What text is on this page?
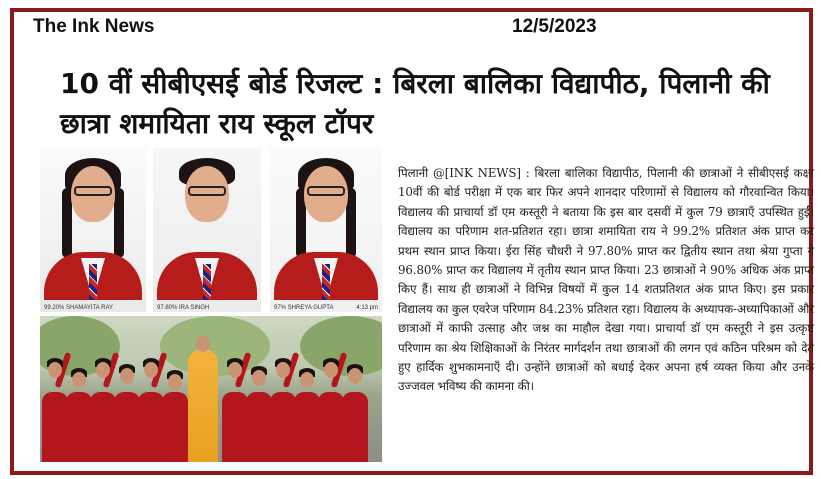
The Ink News	12/5/2023
10 वीं सीबीएसई बोर्ड रिजल्ट : बिरला बालिका विद्यापीठ, पिलानी की छात्रा शमायिता राय स्कूल टॉपर
99.20% SHAMAYITA RAY	97.80% IRA SINGH	97% SHREYA GUPTA	4:13 pm
पिलानी @[INK NEWS] : बिरला बालिका विद्यापीठ, पिलानी की छात्राओं ने सीबीएसई कक्षा 10वीं की बोर्ड परीक्षा में एक बार फिर अपने शानदार परिणामों से विद्यालय को गौरवान्वित किया।विद्यालय की प्राचार्या डॉ एम कस्तूरी ने बताया कि इस बार दसवीं में कुल 79 छात्राएँ उपस्थित हुईं। विद्यालय का परिणाम शत-प्रतिशत रहा। छात्रा शमायिता राय ने 99.2% प्रतिशत अंक प्राप्त कर प्रथम स्थान प्राप्त किया। ईरा सिंह चौधरी ने 97.80% प्राप्त कर द्वितीय स्थान तथा श्रेया गुप्ता ने 96.80% प्राप्त कर विद्यालय में तृतीय स्थान प्राप्त किया। 23 छात्राओं ने 90% अधिक अंक प्राप्त किए हैं। साथ ही छात्राओं ने विभिन्न विषयों में कुल 14 शतप्रतिशत अंक प्राप्त किए। इस प्रकार विद्यालय का कुल एवरेज परिणाम 84.23% प्रतिशत रहा। विद्यालय के अध्यापक-अध्यापिकाओं और छात्राओं में काफी उत्साह और जश्न का माहौल देखा गया। प्राचार्या डॉ एम कस्तूरी ने इस उत्कृष्ट परिणाम का श्रेय शिक्षिकाओं के निरंतर मार्गदर्शन तथा छात्राओं की लगन एवं कठिन परिश्रम को देते हुए हार्दिक शुभकामनाएँ दी। उन्होंने छात्राओं को बधाई देकर अपना हर्ष व्यक्त किया और उनके उज्जवल भविष्य की कामना की।
